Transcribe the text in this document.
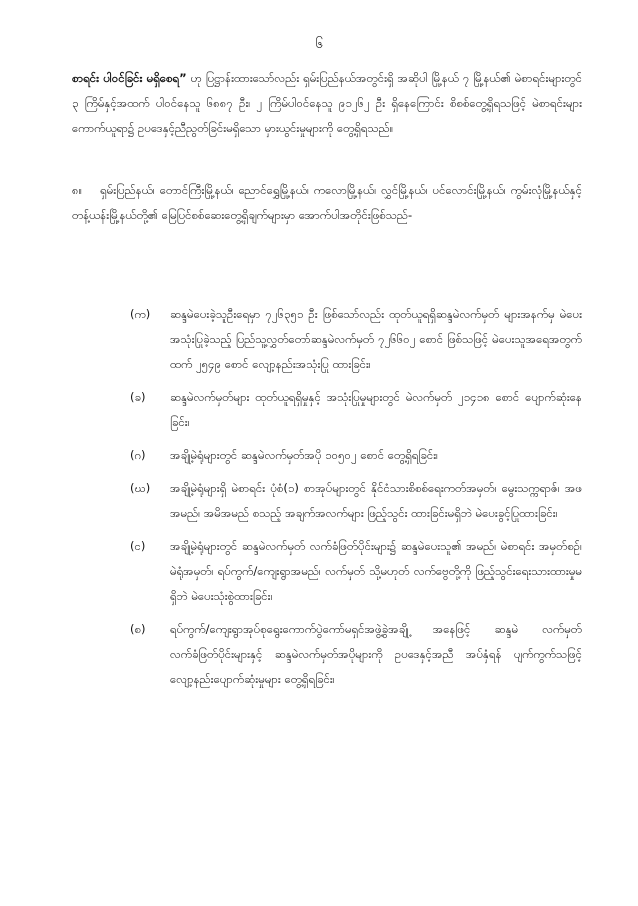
၆
စာရင်း ပါဝင်ခြင်း မရှိစေရ” ဟု ပြဋ္ဌာန်းထားသော်လည်း ရှမ်းပြည်နယ်အတွင်းရှိ အဆိုပါ မြို့နယ် ၇ မြို့နယ်၏ မဲစာရင်းများတွင် ၃ ကြိမ်နှင့်အထက် ပါဝင်နေသူ ၆၈၈၇ ဦး၊ ၂ ကြိမ်ပါဝင်နေသူ ၉၁၂၆၂ ဦး ရှိနေကြောင်း စိစစ်တွေ့ရှိရသဖြင့် မဲစာရင်းများကောက်ယူရာ၌ ဥပဒေနှင့်ညီညွတ်ခြင်းမရှိသော မှားယွင်းမှုများကို တွေ့ရှိရသည်။
၈။ ရှမ်းပြည်နယ်၊ တောင်ကြီးမြို့နယ်၊ ညောင်ရွှေမြို့နယ်၊ ကလောမြို့နယ်၊ လွှင်မြို့နယ်၊ ပင်လောင်းမြို့နယ်၊ ကွမ်းလုံမြို့နယ်နှင့် တန့်ယန်းမြို့နယ်တို့၏ မြေပြင်စစ်ဆေးတွေ့ရှိချက်များမှာ အောက်ပါအတိုင်းဖြစ်သည်-
(က)	ဆန္ဒမဲပေးခဲ့သူဦးရေမှာ ၇၂၆၃၅၁ ဦး ဖြစ်သော်လည်း ထုတ်ယူရရှိဆန္ဒမဲလက်မှတ် များအနက်မှ မဲပေးအသုံးပြုခဲ့သည့် ပြည်သူ့လွှတ်တော်ဆန္ဒမဲလက်မှတ် ၇၂၆၆၀၂ စောင် ဖြစ်သဖြင့် မဲပေးသူအရေအတွက်ထက် ၂၅၄၉ စောင် လျော့နည်းအသုံးပြု ထားခြင်း၊
(ခ)	ဆန္ဒမဲလက်မှတ်များ ထုတ်ယူရရှိမှုနှင့် အသုံးပြုမှုများတွင် မဲလက်မှတ် ၂၁၄၁၈ စောင် ပျောက်ဆုံးနေခြင်း၊
(ဂ)	အချို့မဲရုံများတွင် ဆန္ဒမဲလက်မှတ်အပို ၁၀၅၀၂ စောင် တွေ့ရှိရခြင်း၊
(ဃ)	အချို့မဲရုံများရှိ မဲစာရင်း ပုံစံ(၁) စာအုပ်များတွင် နိုင်ငံသားစိစစ်ရေးကတ်အမှတ်၊ မွေးသက္ကရာဇ်၊ အဖအမည်၊ အမိအမည် စသည့် အချက်အလက်များ ဖြည့်သွင်း ထားခြင်းမရှိဘဲ မဲပေးခွင့်ပြုထားခြင်း၊
(င)	အချို့မဲရုံများတွင် ဆန္ဒမဲလက်မှတ် လက်ခံဖြတ်ပိုင်းများ၌ ဆန္ဒမဲပေးသူ၏ အမည်၊ မဲစာရင်း အမှတ်စဉ်၊ မဲရုံအမှတ်၊ ရပ်ကွက်/ကျေးရွာအမည်၊ လက်မှတ် သို့မဟုတ် လက်ဗွေတို့ကို ဖြည့်သွင်းရေးသားထားမှုမရှိဘဲ မဲပေးသုံးစွဲထားခြင်း၊
(စ)	ရပ်ကွက်/ကျေးရွာအုပ်စုရွေးကောက်ပွဲကော်မရှင်အဖွဲ့ခွဲအချို့ အနေဖြင့် ဆန္ဒမဲ လက်မှတ်လက်ခံဖြတ်ပိုင်းများနှင့် ဆန္ဒမဲလက်မှတ်အပိုများကို ဥပဒေနှင့်အညီ အပ်နှံရန် ပျက်ကွက်သဖြင့် လျော့နည်းပျောက်ဆုံးမှုများ တွေ့ရှိရခြင်း၊
